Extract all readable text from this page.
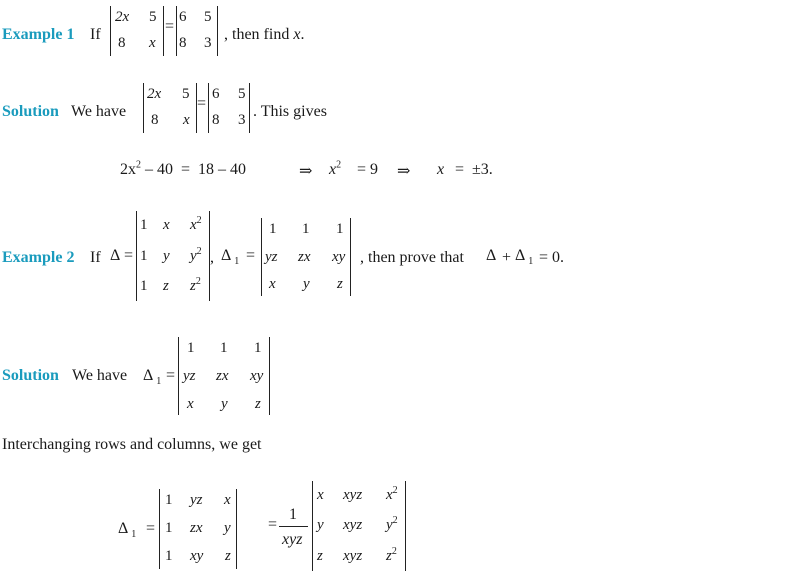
Example 1 If
2x 5
8 x
=
6 5
8 3 , then find x.
Solution We have
2x 5
8 x
=
6 5
8 3 . This gives
$2x^2 - 40 = 18 - 40$	⇒ $x^2 = 9$ ⇒ x =  ±3.
Example 2 If Δ =
1 x $x^2$
1 y $y^2$
1 z $z^2$
, Δ $_1$ =
1 1 1
yz zx xy
x y z
, then prove that Δ + Δ $_1$ = 0.
Solution We have Δ $_1$ =
1 1 1
yz zx xy
x y z
Interchanging rows and columns, we get
Δ $_1$ =
1 yz x
1 zx y
1 xy z
=
1
xyz
x xyz $x^2$
y xyz $y^2$
z xyz $z^2$
